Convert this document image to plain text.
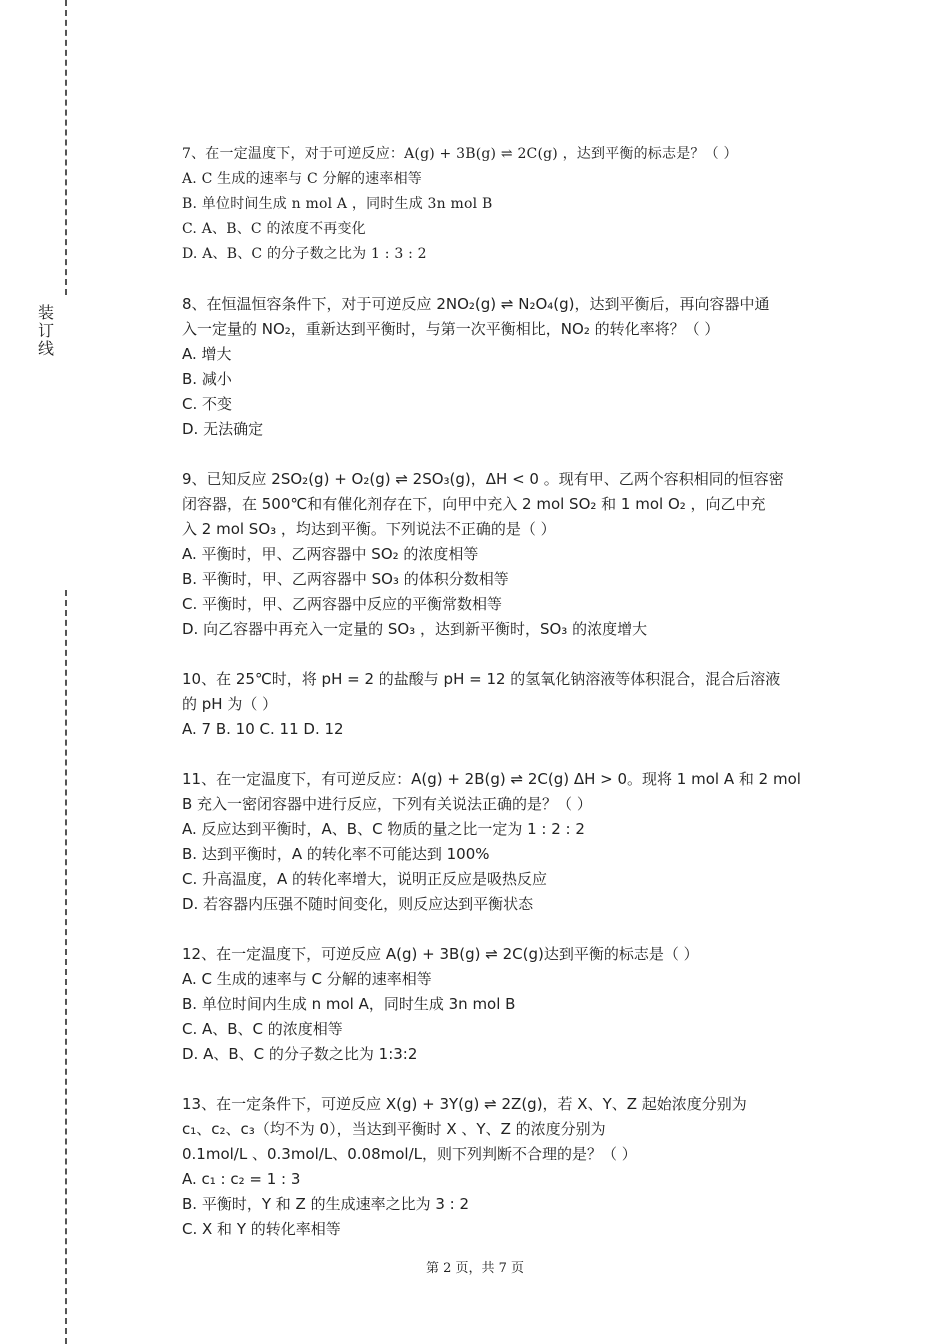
装订线
7、在一定温度下，对于可逆反应：A(g) + 3B(g) ⇌ 2C(g) ，达到平衡的标志是？（ ）
A. C 生成的速率与 C 分解的速率相等
B. 单位时间生成 n mol A ，同时生成 3n mol B
C. A、B、C 的浓度不再变化
D. A、B、C 的分子数之比为 1 : 3 : 2
8、在恒温恒容条件下，对于可逆反应 2NO₂(g) ⇌ N₂O₄(g)，达到平衡后，再向容器中通
入一定量的 NO₂，重新达到平衡时，与第一次平衡相比，NO₂ 的转化率将？（ ）
A. 增大
B. 减小
C. 不变
D. 无法确定
9、已知反应 2SO₂(g) + O₂(g) ⇌ 2SO₃(g)，ΔH < 0 。现有甲、乙两个容积相同的恒容密
闭容器，在 500℃和有催化剂存在下，向甲中充入 2 mol SO₂ 和 1 mol O₂ ，向乙中充
入 2 mol SO₃ ，均达到平衡。下列说法不正确的是（ ）
A. 平衡时，甲、乙两容器中 SO₂ 的浓度相等
B. 平衡时，甲、乙两容器中 SO₃ 的体积分数相等
C. 平衡时，甲、乙两容器中反应的平衡常数相等
D. 向乙容器中再充入一定量的 SO₃ ，达到新平衡时，SO₃ 的浓度增大
10、在 25℃时，将 pH = 2 的盐酸与 pH = 12 的氢氧化钠溶液等体积混合，混合后溶液
的 pH 为（ ）
A. 7 B. 10 C. 11 D. 12
11、在一定温度下，有可逆反应：A(g) + 2B(g) ⇌ 2C(g) ΔH > 0。现将 1 mol A 和 2 mol
B 充入一密闭容器中进行反应，下列有关说法正确的是？（ ）
A. 反应达到平衡时，A、B、C 物质的量之比一定为 1 : 2 : 2
B. 达到平衡时，A 的转化率不可能达到 100%
C. 升高温度，A 的转化率增大，说明正反应是吸热反应
D. 若容器内压强不随时间变化，则反应达到平衡状态
12、在一定温度下，可逆反应 A(g) + 3B(g) ⇌ 2C(g)达到平衡的标志是（ ）
A. C 生成的速率与 C 分解的速率相等
B. 单位时间内生成 n mol A，同时生成 3n mol B
C. A、B、C 的浓度相等
D. A、B、C 的分子数之比为 1:3:2
13、在一定条件下，可逆反应 X(g) + 3Y(g) ⇌ 2Z(g)，若 X、Y、Z 起始浓度分别为
c₁、c₂、c₃（均不为 0），当达到平衡时 X 、Y、Z 的浓度分别为
0.1mol/L 、0.3mol/L、0.08mol/L，则下列判断不合理的是？（ ）
A. c₁ : c₂ = 1 : 3
B. 平衡时，Y 和 Z 的生成速率之比为 3 : 2
C. X 和 Y 的转化率相等
第 2 页，共 7 页
